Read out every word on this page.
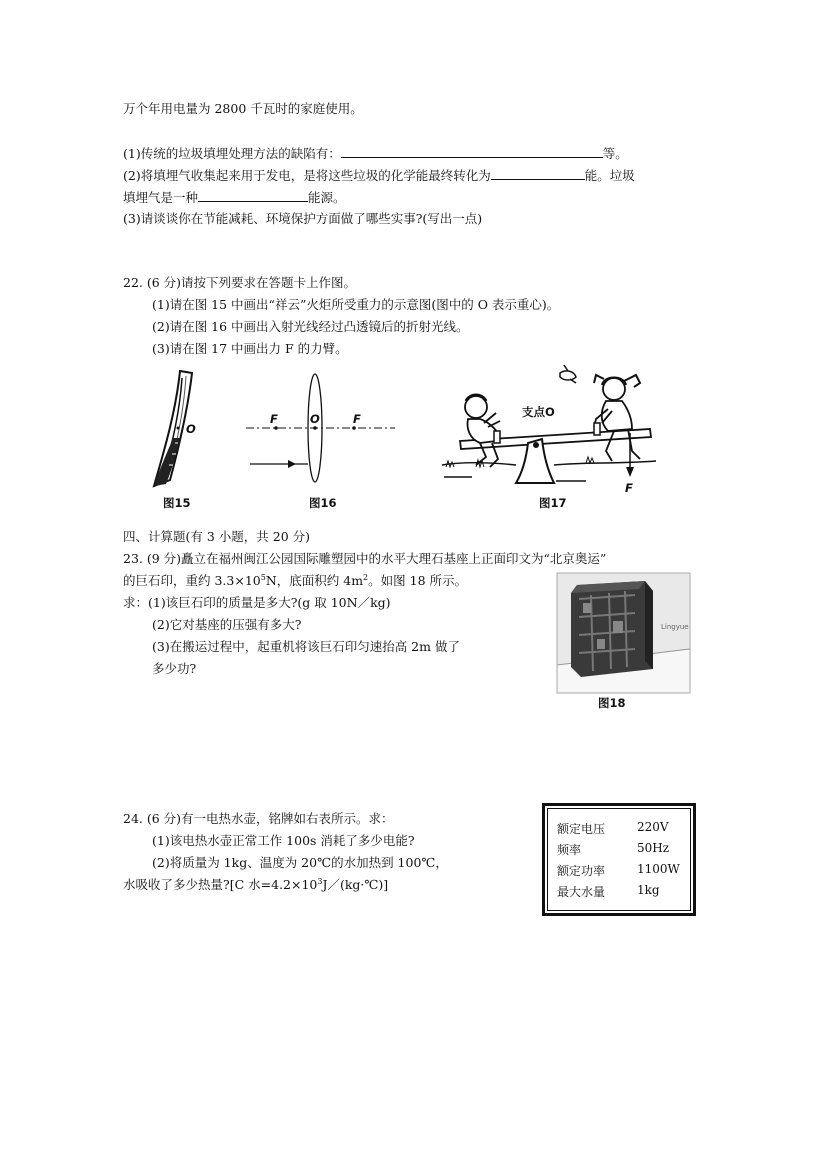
万个年用电量为 2800 千瓦时的家庭使用。
(1)传统的垃圾填埋处理方法的缺陷有：	等。
(2)将填埋气收集起来用于发电，是将这些垃圾的化学能最终转化为	能。垃圾
填埋气是一种	能源。
(3)请谈谈你在节能减耗、环境保护方面做了哪些实事?(写出一点)
22. (6 分)请按下列要求在答题卡上作图。
(1)请在图 15 中画出“祥云”火炬所受重力的示意图(图中的 O 表示重心)。
(2)请在图 16 中画出入射光线经过凸透镜后的折射光线。
(3)请在图 17 中画出力 F 的力臂。
O
图15
F	O	F
图16
支点O
F
图17
四、计算题(有 3 小题，共 20 分)
23. (9 分)矗立在福州闽江公园国际雕塑园中的水平大理石基座上正面印文为“北京奥运”
的巨石印，重约 $3.3\times 10^5N$，底面积约 $4m^2$。如图 18 所示。
求：(1)该巨石印的质量是多大?(g 取 10N／kg)
(2)它对基座的压强有多大?
(3)在搬运过程中，起重机将该巨石印匀速抬高 2m 做了
多少功?
Lingyue
图18
24. (6 分)有一电热水壶，铭牌如右表所示。求：
(1)该电热水壶正常工作 100s 消耗了多少电能?
(2)将质量为 1kg、温度为 20℃的水加热到 100℃，
水吸收了多少热量?[C 水$=4.2\times 10^3J/(kg\cdot℃)$]
额定电压	220V
频率	50Hz
额定功率	1100W
最大水量	1kg
